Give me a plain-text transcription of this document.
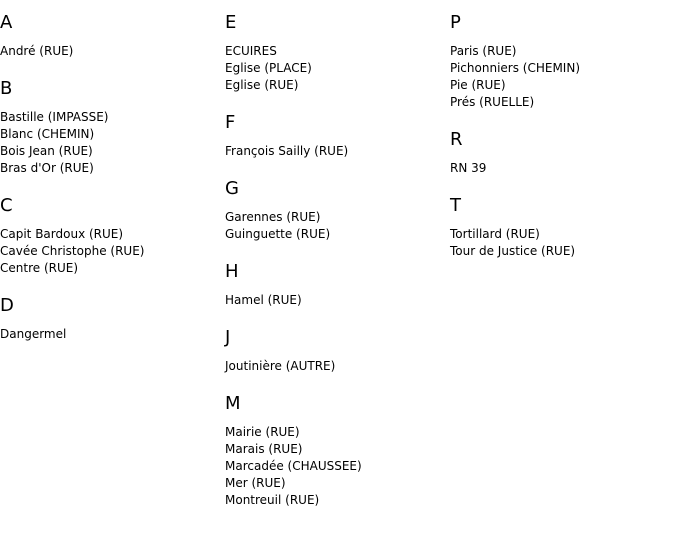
A
André (RUE)
B
Bastille (IMPASSE)
Blanc (CHEMIN)
Bois Jean (RUE)
Bras d'Or (RUE)
C
Capit Bardoux (RUE)
Cavée Christophe (RUE)
Centre (RUE)
D
Dangermel
E
ECUIRES
Eglise (PLACE)
Eglise (RUE)
F
François Sailly (RUE)
G
Garennes (RUE)
Guinguette (RUE)
H
Hamel (RUE)
J
Joutinière (AUTRE)
M
Mairie (RUE)
Marais (RUE)
Marcadée (CHAUSSEE)
Mer (RUE)
Montreuil (RUE)
P
Paris (RUE)
Pichonniers (CHEMIN)
Pie (RUE)
Prés (RUELLE)
R
RN 39
T
Tortillard (RUE)
Tour de Justice (RUE)
